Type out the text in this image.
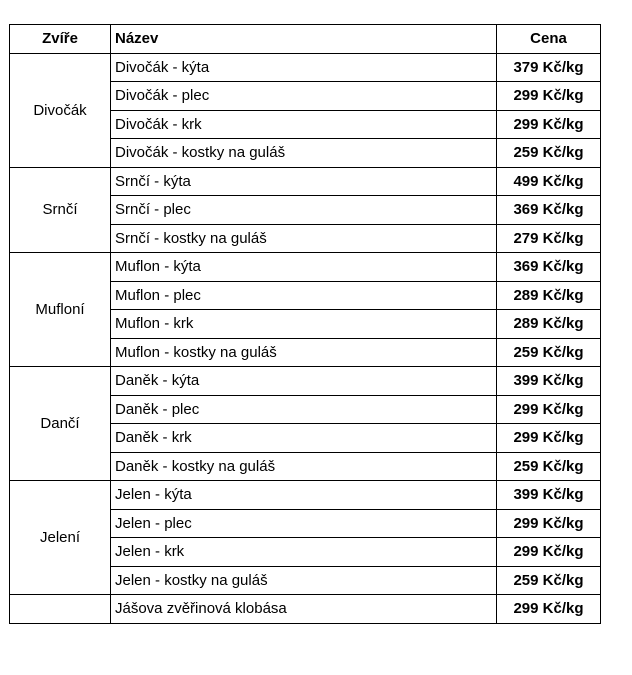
Zvíře	Název	Cena
Divočák	Divočák - kýta	379 Kč/kg
	Divočák - plec	299 Kč/kg
	Divočák - krk	299 Kč/kg
	Divočák - kostky na guláš	259 Kč/kg
Srnčí	Srnčí - kýta	499 Kč/kg
	Srnčí - plec	369 Kč/kg
	Srnčí - kostky na guláš	279 Kč/kg
Mufloní	Muflon - kýta	369 Kč/kg
	Muflon - plec	289 Kč/kg
	Muflon - krk	289 Kč/kg
	Muflon - kostky na guláš	259 Kč/kg
Dančí	Daněk - kýta	399 Kč/kg
	Daněk - plec	299 Kč/kg
	Daněk - krk	299 Kč/kg
	Daněk - kostky na guláš	259 Kč/kg
Jelení	Jelen - kýta	399 Kč/kg
	Jelen - plec	299 Kč/kg
	Jelen - krk	299 Kč/kg
	Jelen - kostky na guláš	259 Kč/kg
	Jášova zvěřinová klobása	299 Kč/kg
